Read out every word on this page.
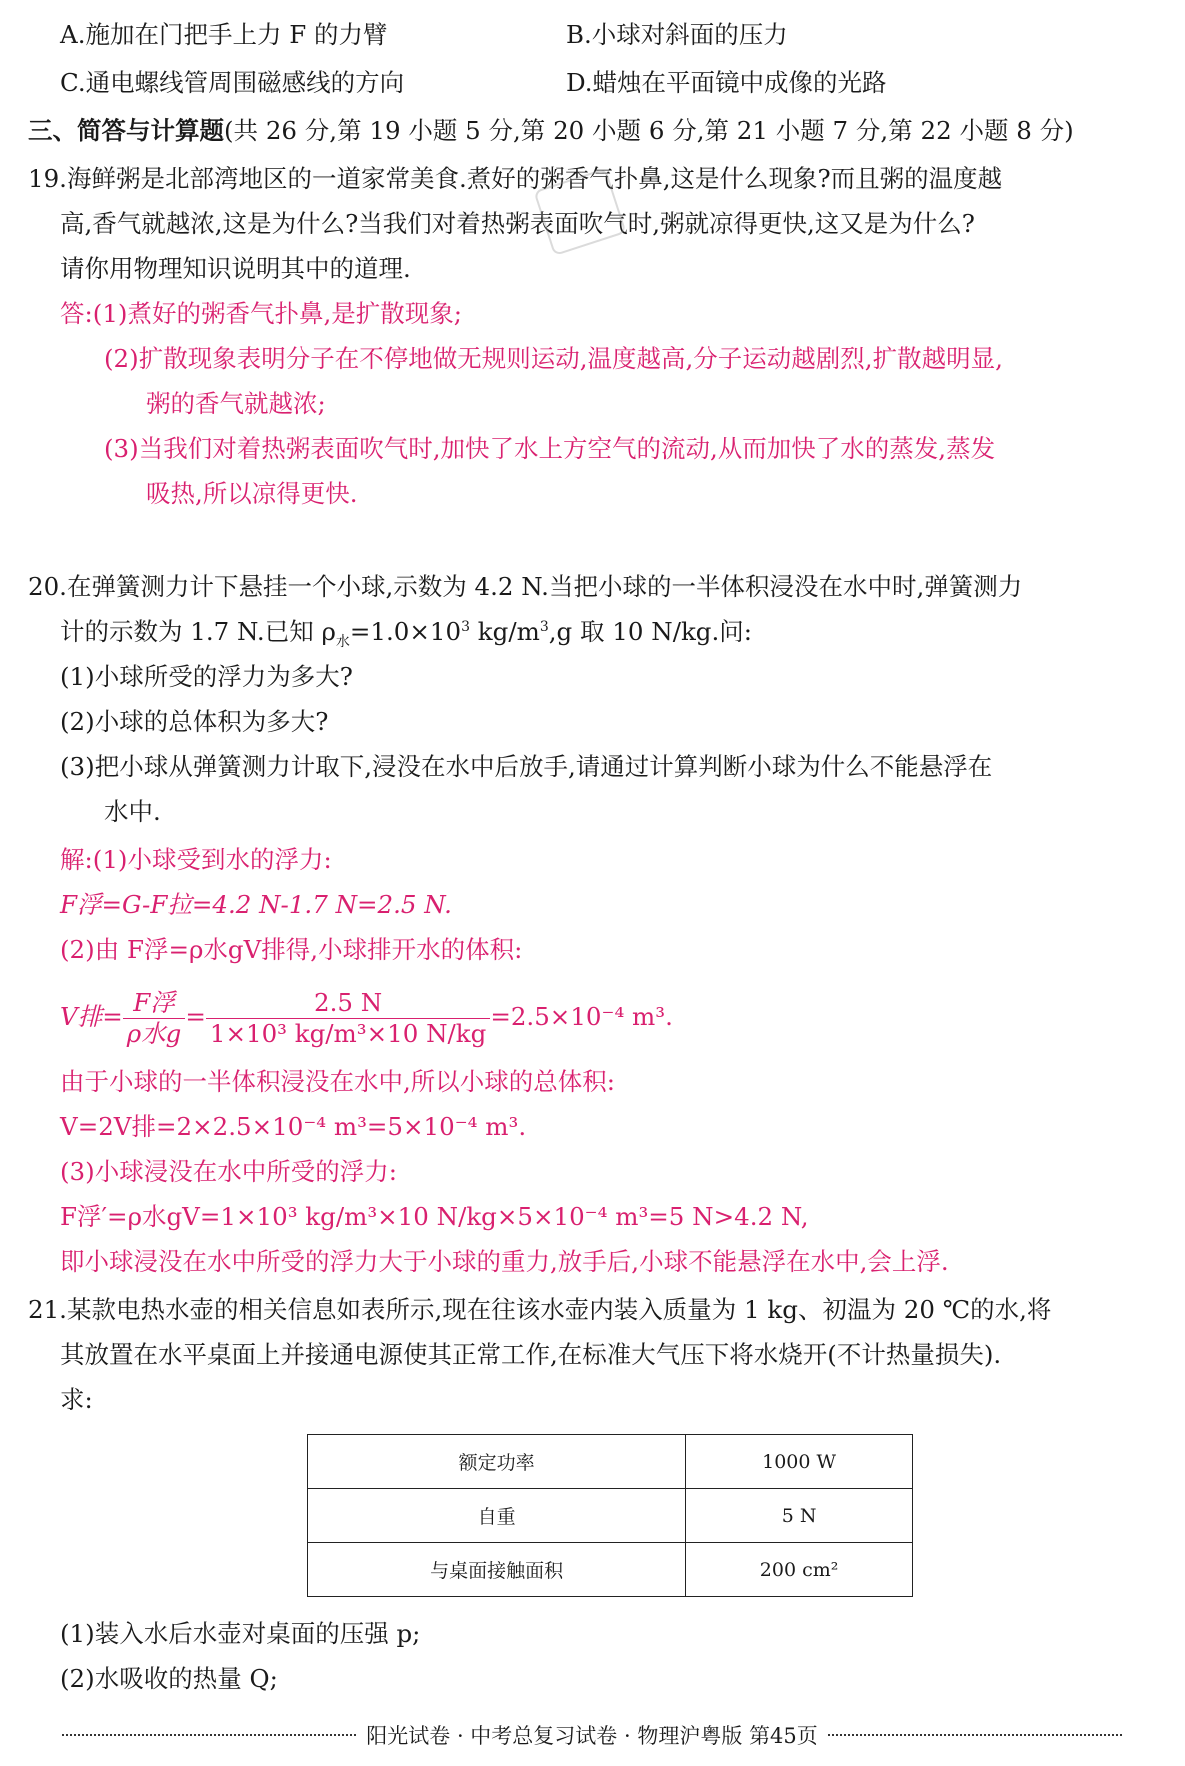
A.施加在门把手上力 F 的力臂	B.小球对斜面的压力
C.通电螺线管周围磁感线的方向	D.蜡烛在平面镜中成像的光路
三、简答与计算题(共 26 分,第 19 小题 5 分,第 20 小题 6 分,第 21 小题 7 分,第 22 小题 8 分)
19.海鲜粥是北部湾地区的一道家常美食.煮好的粥香气扑鼻,这是什么现象?而且粥的温度越
高,香气就越浓,这是为什么?当我们对着热粥表面吹气时,粥就凉得更快,这又是为什么?
请你用物理知识说明其中的道理.
答:(1)煮好的粥香气扑鼻,是扩散现象;
(2)扩散现象表明分子在不停地做无规则运动,温度越高,分子运动越剧烈,扩散越明显,
粥的香气就越浓;
(3)当我们对着热粥表面吹气时,加快了水上方空气的流动,从而加快了水的蒸发,蒸发
吸热,所以凉得更快.
20.在弹簧测力计下悬挂一个小球,示数为 4.2 N.当把小球的一半体积浸没在水中时,弹簧测力
计的示数为 1.7 N.已知 $\rho_水=1.0\times 10^3$ $kg/m^3,g$ 取 10 N/kg.问:
(1)小球所受的浮力为多大?
(2)小球的总体积为多大?
(3)把小球从弹簧测力计取下,浸没在水中后放手,请通过计算判断小球为什么不能悬浮在
水中.
解:(1)小球受到水的浮力:
F浮=G-F拉=4.2 N-1.7 N=2.5 N.
(2)由 F浮=ρ水gV排得,小球排开水的体积:
V排= $\frac{\text{F浮}}{\text{ρ水g}} = \frac{2.5 N}{\text{1×10³ kg/m³×10 N/kg}} =2.5\times 10^{-4}$ m³.
由于小球的一半体积浸没在水中,所以小球的总体积:
V=2V排=2×2.5×10⁻⁴ m³=5×10⁻⁴ m³.
(3)小球浸没在水中所受的浮力:
F浮′=ρ水gV=1×10³ kg/m³×10 N/kg×5×10⁻⁴ m³=5 N>4.2 N,
即小球浸没在水中所受的浮力大于小球的重力,放手后,小球不能悬浮在水中,会上浮.
21.某款电热水壶的相关信息如表所示,现在往该水壶内装入质量为 1 kg、初温为 20 ℃的水,将
其放置在水平桌面上并接通电源使其正常工作,在标准大气压下将水烧开(不计热量损失).
求:
额定功率	1000 W
自重	5 N
与桌面接触面积	200 cm²
(1)装入水后水壶对桌面的压强 p;
(2)水吸收的热量 Q;
阳光试卷 · 中考总复习试卷 · 物理沪粤版 第45页
